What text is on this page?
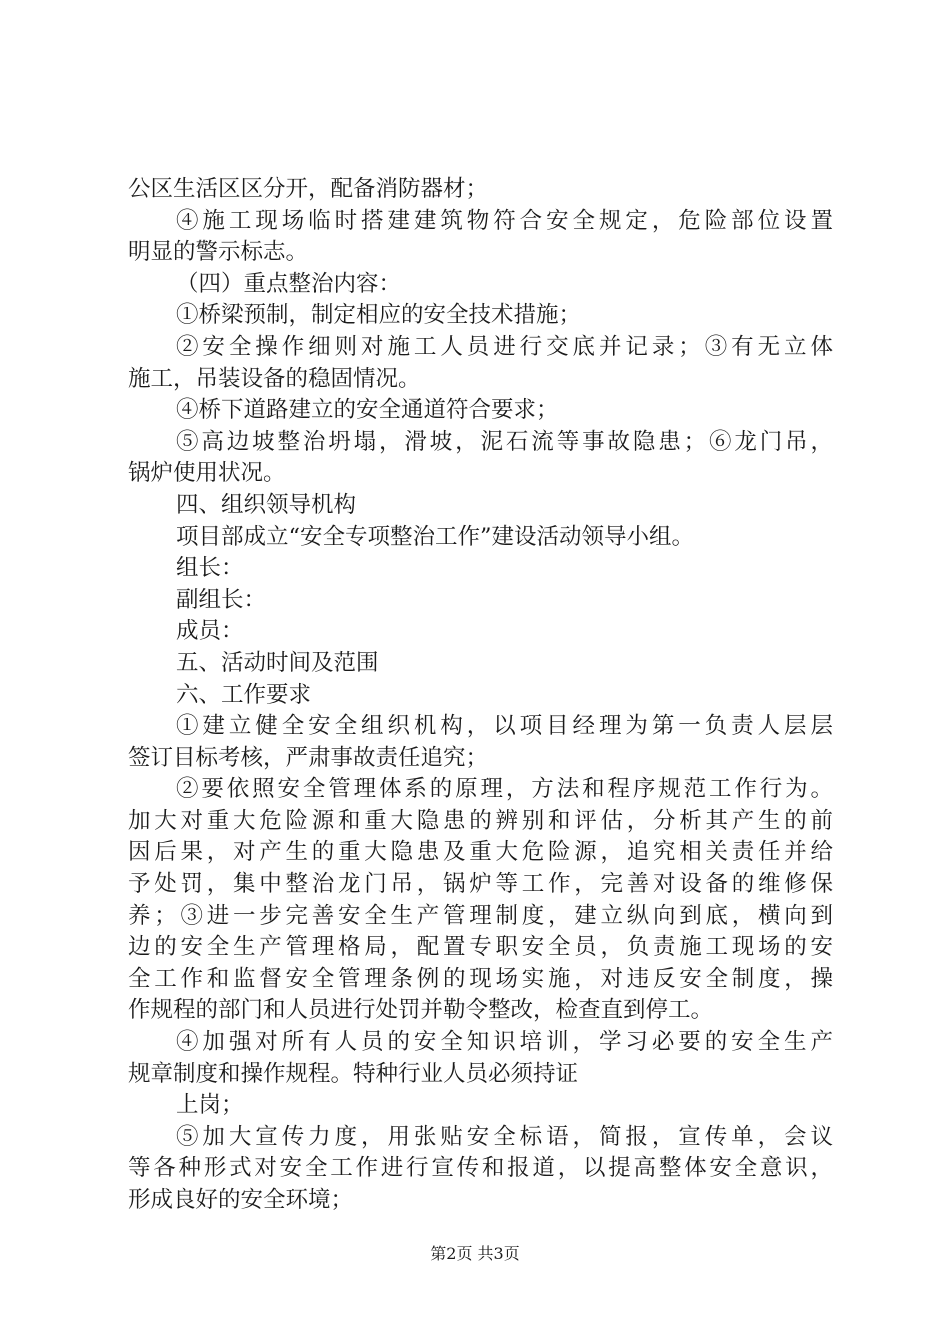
公区生活区区分开，配备消防器材；
④施工现场临时搭建建筑物符合安全规定，危险部位设置
明显的警示标志。
（四）重点整治内容：
①桥梁预制，制定相应的安全技术措施；
②安全操作细则对施工人员进行交底并记录；③有无立体
施工，吊装设备的稳固情况。
④桥下道路建立的安全通道符合要求；
⑤高边坡整治坍塌，滑坡，泥石流等事故隐患；⑥龙门吊，
锅炉使用状况。
四、组织领导机构
项目部成立“安全专项整治工作”建设活动领导小组。
组长：
副组长：
成员：
五、活动时间及范围
六、工作要求
①建立健全安全组织机构，以项目经理为第一负责人层层
签订目标考核，严肃事故责任追究；
②要依照安全管理体系的原理，方法和程序规范工作行为。
加大对重大危险源和重大隐患的辨别和评估，分析其产生的前
因后果，对产生的重大隐患及重大危险源，追究相关责任并给
予处罚，集中整治龙门吊，锅炉等工作，完善对设备的维修保
养；③进一步完善安全生产管理制度，建立纵向到底，横向到
边的安全生产管理格局，配置专职安全员，负责施工现场的安
全工作和监督安全管理条例的现场实施，对违反安全制度，操
作规程的部门和人员进行处罚并勒令整改，检查直到停工。
④加强对所有人员的安全知识培训，学习必要的安全生产
规章制度和操作规程。特种行业人员必须持证
上岗；
⑤加大宣传力度，用张贴安全标语，简报，宣传单，会议
等各种形式对安全工作进行宣传和报道，以提高整体安全意识，
形成良好的安全环境；
第2页 共3页
